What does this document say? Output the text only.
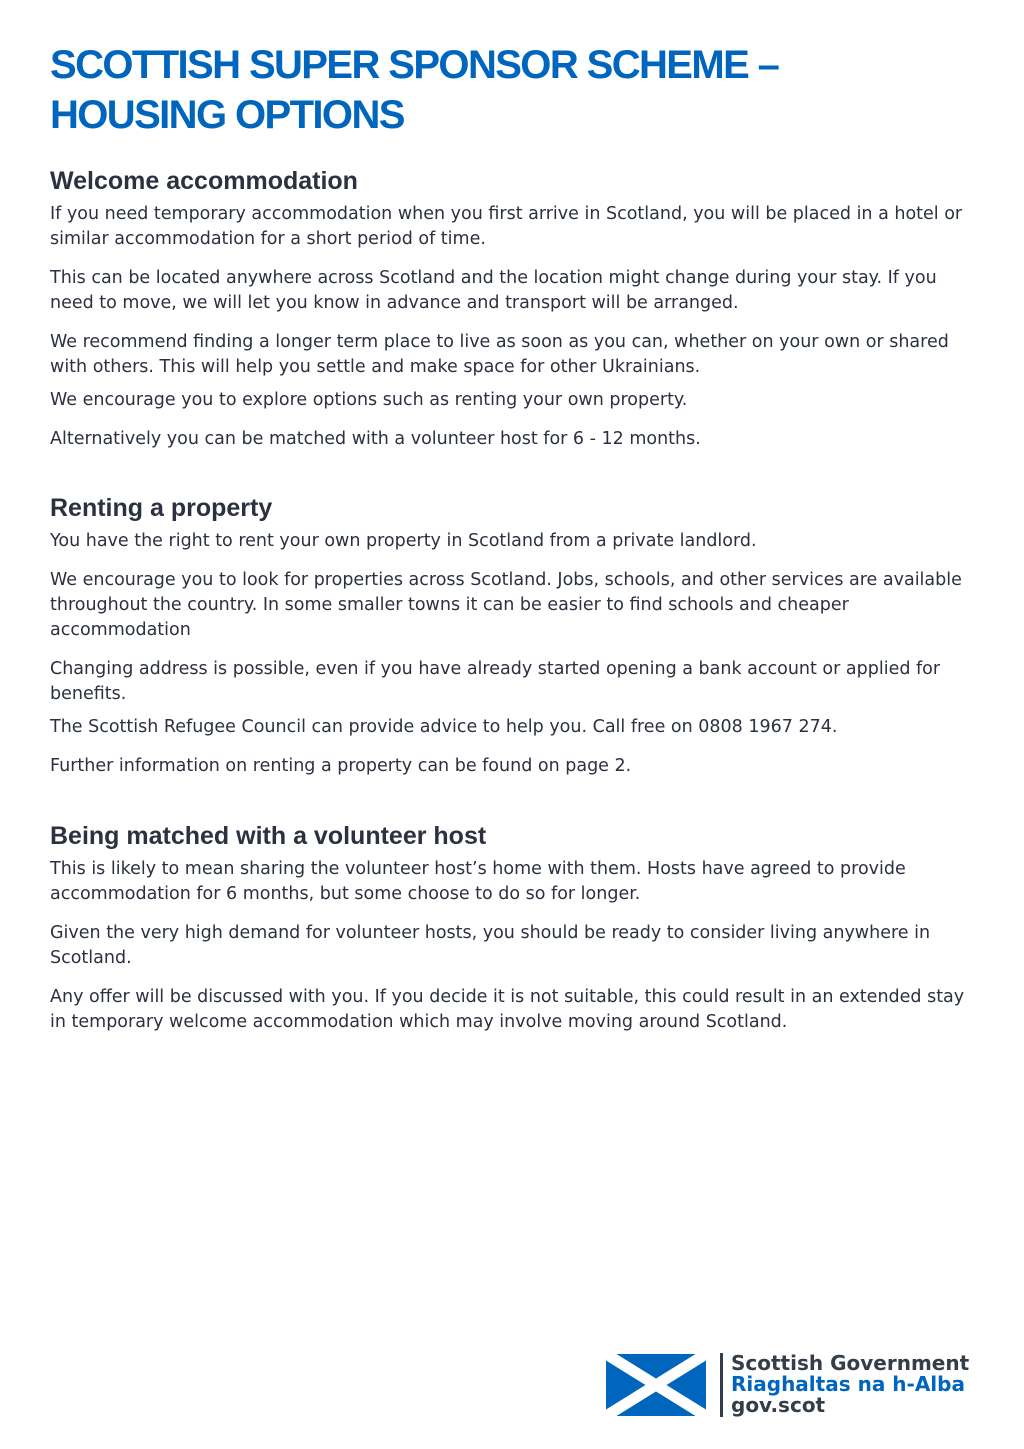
SCOTTISH SUPER SPONSOR SCHEME –
HOUSING OPTIONS
Welcome accommodation

If you need temporary accommodation when you first arrive in Scotland, you will be placed in a hotel or similar accommodation for a short period of time.

This can be located anywhere across Scotland and the location might change during your stay. If you need to move, we will let you know in advance and transport will be arranged.

We recommend finding a longer term place to live as soon as you can, whether on your own or shared with others. This will help you settle and make space for other Ukrainians.

We encourage you to explore options such as renting your own property.

Alternatively you can be matched with a volunteer host for 6 - 12 months.

Renting a property

You have the right to rent your own property in Scotland from a private landlord.

We encourage you to look for properties across Scotland. Jobs, schools, and other services are available throughout the country. In some smaller towns it can be easier to find schools and cheaper accommodation

Changing address is possible, even if you have already started opening a bank account or applied for benefits.

The Scottish Refugee Council can provide advice to help you. Call free on 0808 1967 274.

Further information on renting a property can be found on page 2.

Being matched with a volunteer host

This is likely to mean sharing the volunteer host’s home with them. Hosts have agreed to provide accommodation for 6 months, but some choose to do so for longer.

Given the very high demand for volunteer hosts, you should be ready to consider living anywhere in Scotland.

Any offer will be discussed with you. If you decide it is not suitable, this could result in an extended stay in temporary welcome accommodation which may involve moving around Scotland.

Scottish Government
Riaghaltas na h-Alba
gov.scot
